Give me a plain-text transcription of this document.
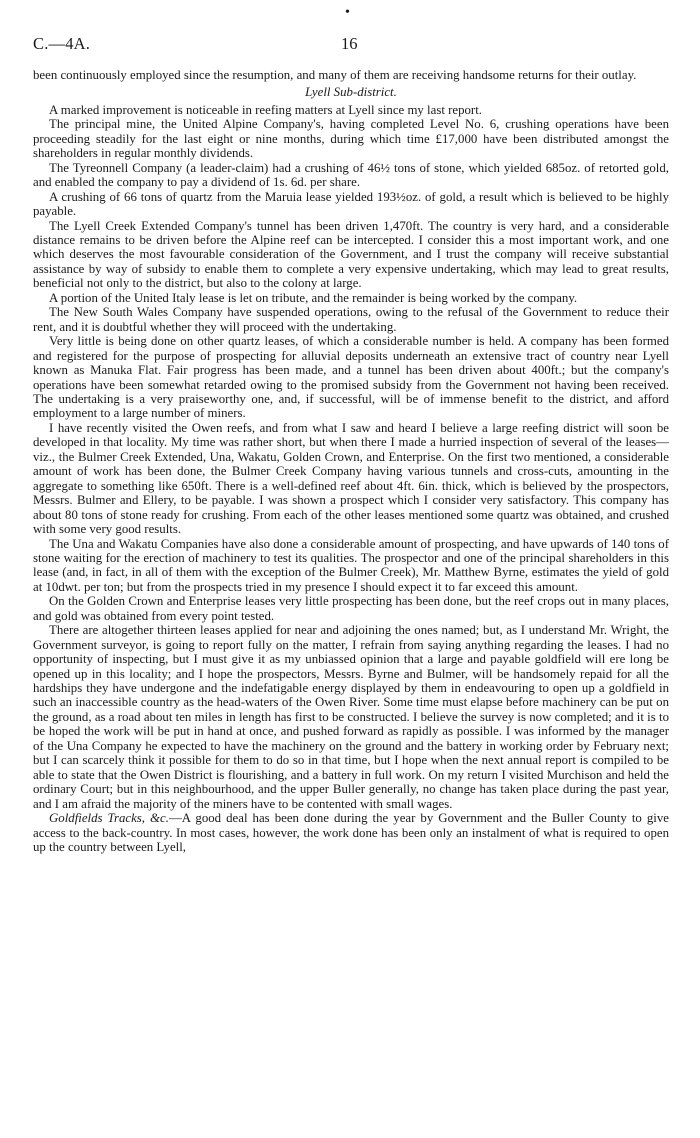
•
C.—4A.	16

been continuously employed since the resumption, and many of them are receiving handsome returns for their outlay.

Lyell Sub-district.

A marked improvement is noticeable in reefing matters at Lyell since my last report.

The principal mine, the United Alpine Company's, having completed Level No. 6, crushing operations have been proceeding steadily for the last eight or nine months, during which time £17,000 have been distributed amongst the shareholders in regular monthly dividends.

The Tyreonnell Company (a leader-claim) had a crushing of 46½ tons of stone, which yielded 685oz. of retorted gold, and enabled the company to pay a dividend of 1s. 6d. per share.

A crushing of 66 tons of quartz from the Maruia lease yielded 193½oz. of gold, a result which is believed to be highly payable.

The Lyell Creek Extended Company's tunnel has been driven 1,470ft. The country is very hard, and a considerable distance remains to be driven before the Alpine reef can be intercepted. I consider this a most important work, and one which deserves the most favourable consideration of the Government, and I trust the company will receive substantial assistance by way of subsidy to enable them to complete a very expensive undertaking, which may lead to great results, beneficial not only to the district, but also to the colony at large.

A portion of the United Italy lease is let on tribute, and the remainder is being worked by the company.

The New South Wales Company have suspended operations, owing to the refusal of the Government to reduce their rent, and it is doubtful whether they will proceed with the undertaking.

Very little is being done on other quartz leases, of which a considerable number is held. A company has been formed and registered for the purpose of prospecting for alluvial deposits underneath an extensive tract of country near Lyell known as Manuka Flat. Fair progress has been made, and a tunnel has been driven about 400ft.; but the company's operations have been somewhat retarded owing to the promised subsidy from the Government not having been received. The undertaking is a very praiseworthy one, and, if successful, will be of immense benefit to the district, and afford employment to a large number of miners.

I have recently visited the Owen reefs, and from what I saw and heard I believe a large reefing district will soon be developed in that locality. My time was rather short, but when there I made a hurried inspection of several of the leases—viz., the Bulmer Creek Extended, Una, Wakatu, Golden Crown, and Enterprise. On the first two mentioned, a considerable amount of work has been done, the Bulmer Creek Company having various tunnels and cross-cuts, amounting in the aggregate to something like 650ft. There is a well-defined reef about 4ft. 6in. thick, which is believed by the prospectors, Messrs. Bulmer and Ellery, to be payable. I was shown a prospect which I consider very satisfactory. This company has about 80 tons of stone ready for crushing. From each of the other leases mentioned some quartz was obtained, and crushed with some very good results.

The Una and Wakatu Companies have also done a considerable amount of prospecting, and have upwards of 140 tons of stone waiting for the erection of machinery to test its qualities. The prospector and one of the principal shareholders in this lease (and, in fact, in all of them with the exception of the Bulmer Creek), Mr. Matthew Byrne, estimates the yield of gold at 10dwt. per ton; but from the prospects tried in my presence I should expect it to far exceed this amount.

On the Golden Crown and Enterprise leases very little prospecting has been done, but the reef crops out in many places, and gold was obtained from every point tested.

There are altogether thirteen leases applied for near and adjoining the ones named; but, as I understand Mr. Wright, the Government surveyor, is going to report fully on the matter, I refrain from saying anything regarding the leases. I had no opportunity of inspecting, but I must give it as my unbiassed opinion that a large and payable goldfield will ere long be opened up in this locality; and I hope the prospectors, Messrs. Byrne and Bulmer, will be handsomely repaid for all the hardships they have undergone and the indefatigable energy displayed by them in endeavouring to open up a goldfield in such an inaccessible country as the head-waters of the Owen River. Some time must elapse before machinery can be put on the ground, as a road about ten miles in length has first to be constructed. I believe the survey is now completed; and it is to be hoped the work will be put in hand at once, and pushed forward as rapidly as possible. I was informed by the manager of the Una Company he expected to have the machinery on the ground and the battery in working order by February next; but I can scarcely think it possible for them to do so in that time, but I hope when the next annual report is compiled to be able to state that the Owen District is flourishing, and a battery in full work. On my return I visited Murchison and held the ordinary Court; but in this neighbourhood, and the upper Buller generally, no change has taken place during the past year, and I am afraid the majority of the miners have to be contented with small wages.

Goldfields Tracks, &c.—A good deal has been done during the year by Government and the Buller County to give access to the back-country. In most cases, however, the work done has been only an instalment of what is required to open up the country between Lyell,
